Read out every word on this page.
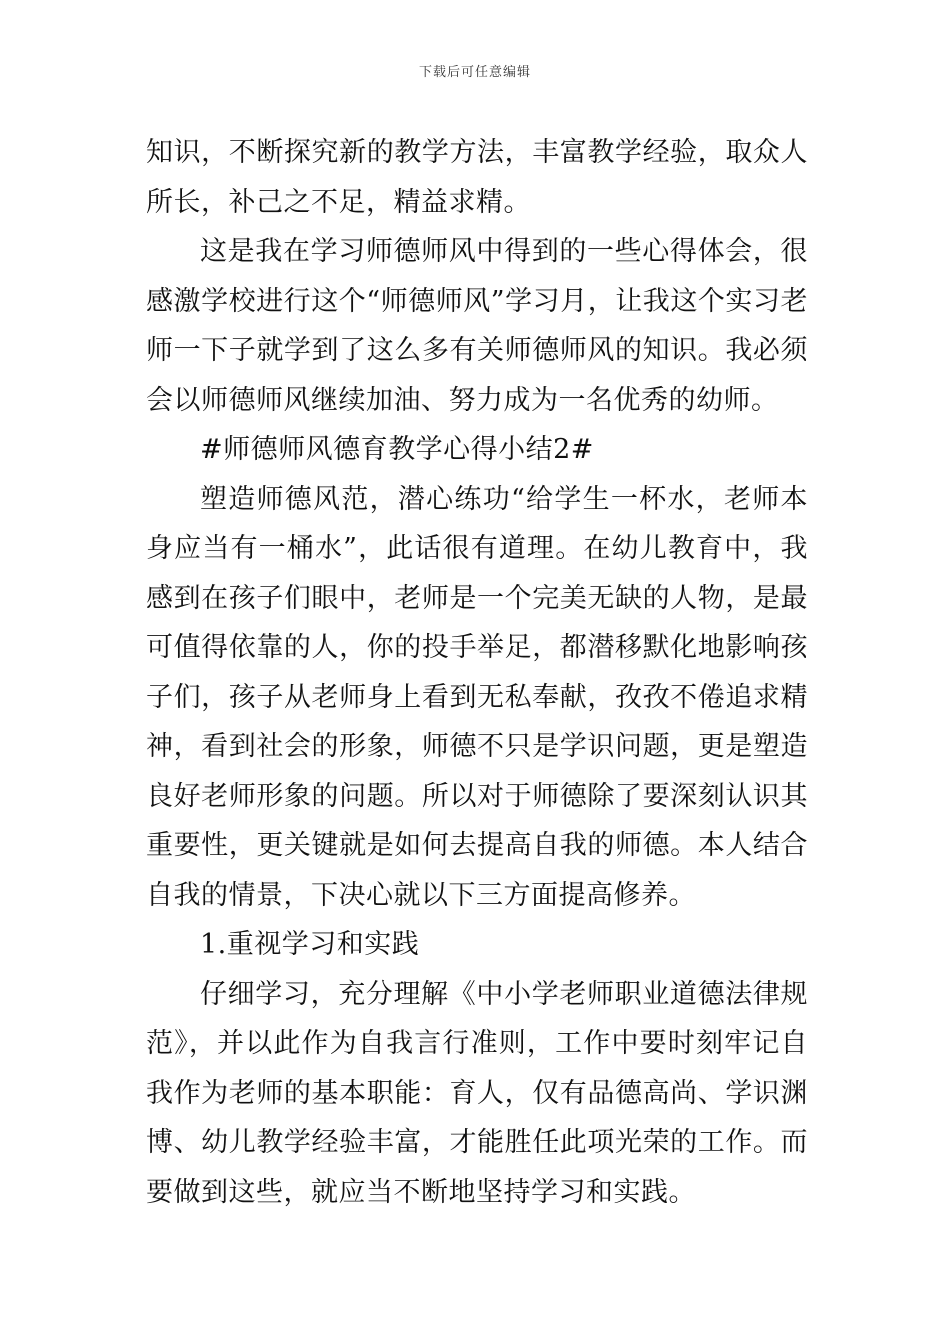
下载后可任意编辑

知识，不断探究新的教学方法，丰富教学经验，取众人所长，补己之不足，精益求精。

这是我在学习师德师风中得到的一些心得体会，很感激学校进行这个“师德师风”学习月，让我这个实习老师一下子就学到了这么多有关师德师风的知识。我必须会以师德师风继续加油、努力成为一名优秀的幼师。

#师德师风德育教学心得小结2#

塑造师德风范，潜心练功“给学生一杯水，老师本身应当有一桶水”，此话很有道理。在幼儿教育中，我感到在孩子们眼中，老师是一个完美无缺的人物，是最可值得依靠的人，你的投手举足，都潜移默化地影响孩子们，孩子从老师身上看到无私奉献，孜孜不倦追求精神，看到社会的形象，师德不只是学识问题，更是塑造良好老师形象的问题。所以对于师德除了要深刻认识其重要性，更关键就是如何去提高自我的师德。本人结合自我的情景，下决心就以下三方面提高修养。

1.重视学习和实践

仔细学习，充分理解《中小学老师职业道德法律规范》，并以此作为自我言行准则，工作中要时刻牢记自我作为老师的基本职能：育人，仅有品德高尚、学识渊博、幼儿教学经验丰富，才能胜任此项光荣的工作。而要做到这些，就应当不断地坚持学习和实践。
